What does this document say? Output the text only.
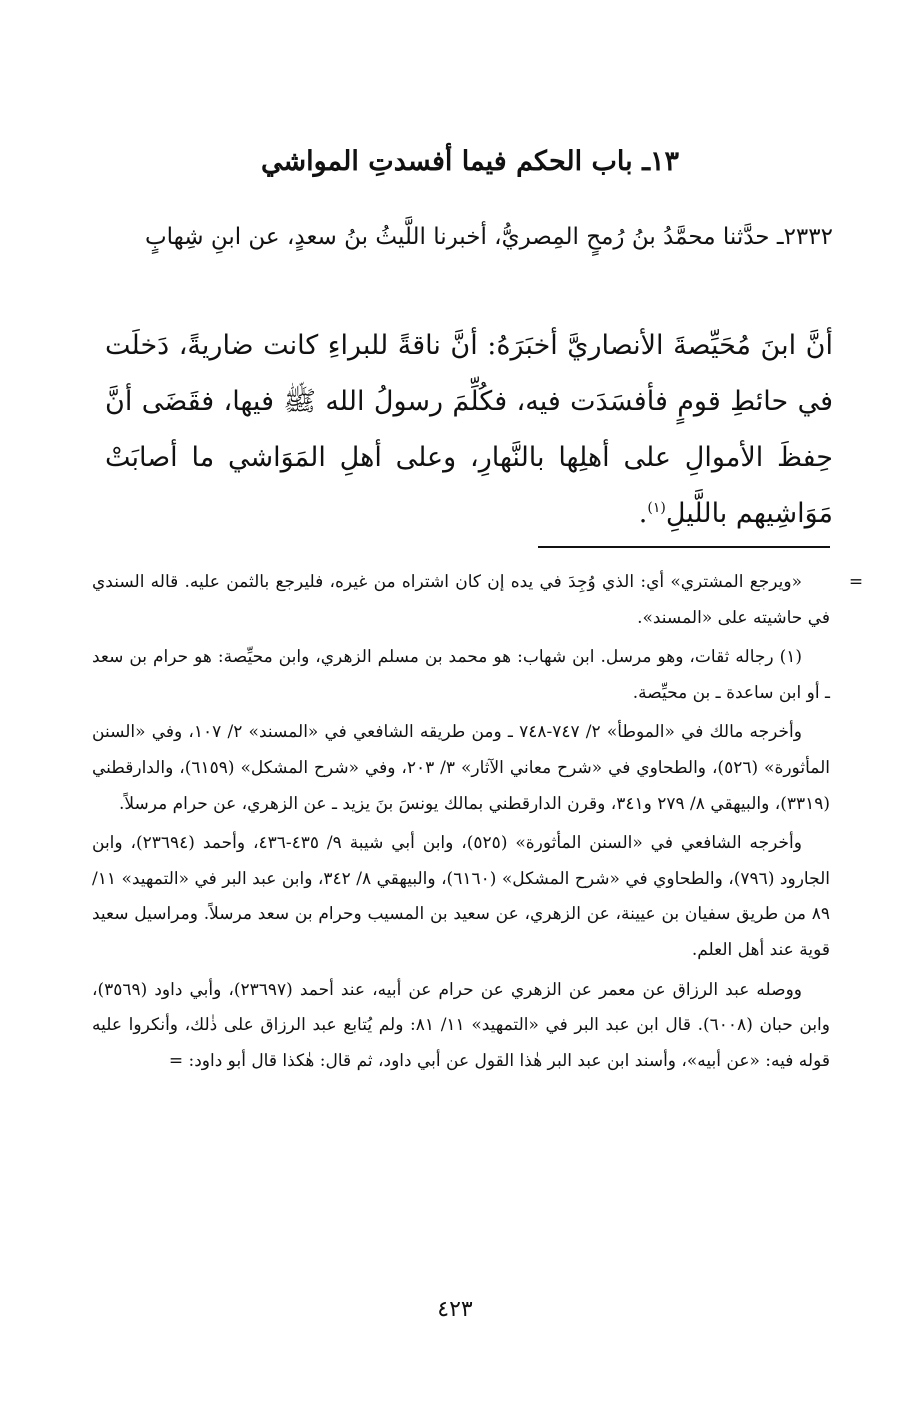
١٣ـ باب الحكم فيما أفسدتِ المواشي

٢٣٣٢ـ حدَّثنا محمَّدُ بنُ رُمحٍ المِصريُّ، أخبرنا اللَّيثُ بنُ سعدٍ، عن ابنِ شِهابٍ

أنَّ ابنَ مُحَيِّصةَ الأنصاريَّ أخبَرَهُ: أنَّ ناقةً للبراءِ كانت ضاريةً، دَخلَت في حائطِ قومٍ فأفسَدَت فيه، فكُلِّمَ رسولُ الله ﷺ فيها، فقَضَى أنَّ حِفظَ الأموالِ على أهلِها بالنَّهارِ، وعلى أهلِ المَوَاشي ما أصابَتْ مَوَاشِيهم باللَّيلِ$^{(١)}$.

=

«ويرجع المشتري» أي: الذي وُجِدَ في يده إن كان اشتراه من غيره، فليرجع بالثمن عليه. قاله السندي في حاشيته على «المسند».

(١) رجاله ثقات، وهو مرسل. ابن شهاب: هو محمد بن مسلم الزهري، وابن محيِّصة: هو حرام بن سعد ـ أو ابن ساعدة ـ بن محيِّصة.

وأخرجه مالك في «الموطأ» ٢/ ٧٤٧-٧٤٨ ـ ومن طريقه الشافعي في «المسند» ٢/ ١٠٧، وفي «السنن المأثورة» (٥٢٦)، والطحاوي في «شرح معاني الآثار» ٣/ ٢٠٣، وفي «شرح المشكل» (٦١٥٩)، والدارقطني (٣٣١٩)، والبيهقي ٨/ ٢٧٩ و٣٤١، وقرن الدارقطني بمالك يونسَ بنَ يزيد ـ عن الزهري، عن حرام مرسلاً.

وأخرجه الشافعي في «السنن المأثورة» (٥٢٥)، وابن أبي شيبة ٩/ ٤٣٥-٤٣٦، وأحمد (٢٣٦٩٤)، وابن الجارود (٧٩٦)، والطحاوي في «شرح المشكل» (٦١٦٠)، والبيهقي ٨/ ٣٤٢، وابن عبد البر في «التمهيد» ١١/ ٨٩ من طريق سفيان بن عيينة، عن الزهري، عن سعيد بن المسيب وحرام بن سعد مرسلاً. ومراسيل سعيد قوية عند أهل العلم.

ووصله عبد الرزاق عن معمر عن الزهري عن حرام عن أبيه، عند أحمد (٢٣٦٩٧)، وأبي داود (٣٥٦٩)، وابن حبان (٦٠٠٨). قال ابن عبد البر في «التمهيد» ١١/ ٨١: ولم يُتابع عبد الرزاق على ذٰلك، وأنكروا عليه قوله فيه: «عن أبيه»، وأسند ابن عبد البر هٰذا القول عن أبي داود، ثم قال: هٰكذا قال أبو داود: =

٤٢٣
